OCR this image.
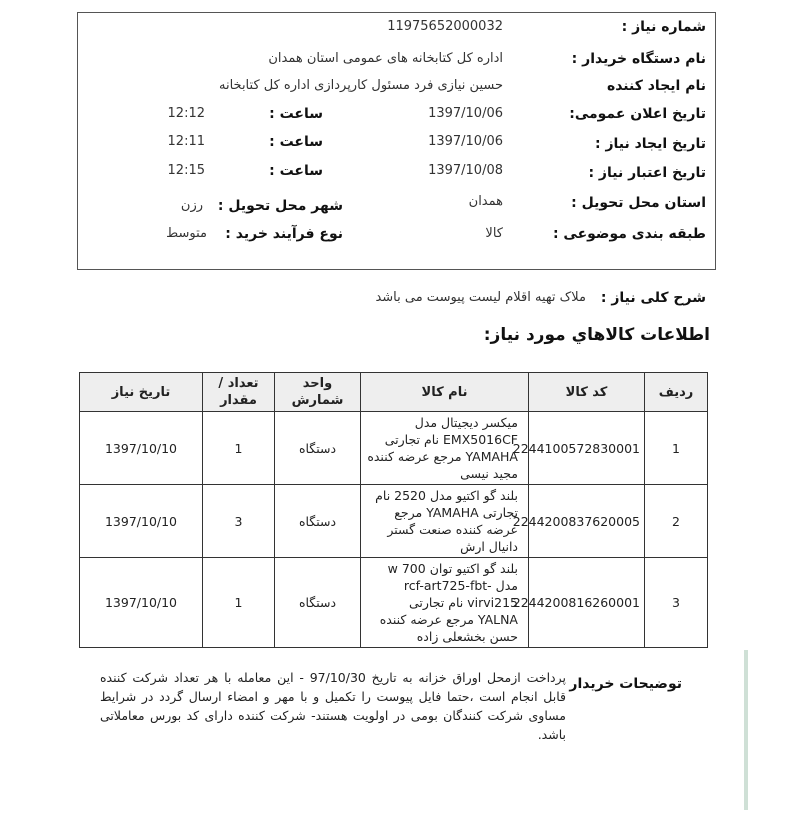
شماره نیاز :
11975652000032
نام دستگاه خریدار :
اداره کل کتابخانه های عمومی استان همدان
نام ایجاد کننده
حسین نیازی فرد مسئول کارپردازی اداره کل کتابخانه
تاریخ اعلان عمومی:
1397/10/06
ساعت :
12:12
تاریخ ایجاد نیاز :
1397/10/06
ساعت :
12:11
تاریخ اعتبار نیاز :
1397/10/08
ساعت :
12:15
استان محل تحویل :
همدان
شهر محل تحویل :
رزن
طبقه بندی موضوعی :
کالا
نوع فرآیند خرید :
متوسط
شرح کلی نیاز :
ملاک تهیه اقلام لیست پیوست می باشد
اطلاعات کالاهاي مورد نیاز:
ردیف	کد کالا	نام کالا	واحد شمارش	تعداد / مقدار	تاریخ نیاز
1	2244100572830001	میکسر دیجیتال مدل EMX5016CF نام تجارتی YAMAHA مرجع عرضه کننده مجید نیسی	دستگاه	1	1397/10/10
2	2244200837620005	بلند گو اکتیو مدل 2520 نام تجارتی YAMAHA مرجع عرضه کننده صنعت گستر دانیال ارش	دستگاه	3	1397/10/10
3	2244200816260001	بلند گو اکتیو توان 700 w مدل rcf-art725-fbt-virvi215 نام تجارتی YALNA مرجع عرضه کننده حسن بخشعلی زاده	دستگاه	1	1397/10/10
توضیحات خریدار
پرداخت ازمحل اوراق خزانه به تاریخ 97/10/30 - این معامله با هر تعداد شرکت کننده قابل انجام است ،حتما فایل پیوست را تکمیل و با مهر و امضاء ارسال گردد در شرایط مساوی شرکت کنندگان بومی در اولویت هستند- شرکت کننده دارای کد بورس معاملاتی باشد.
